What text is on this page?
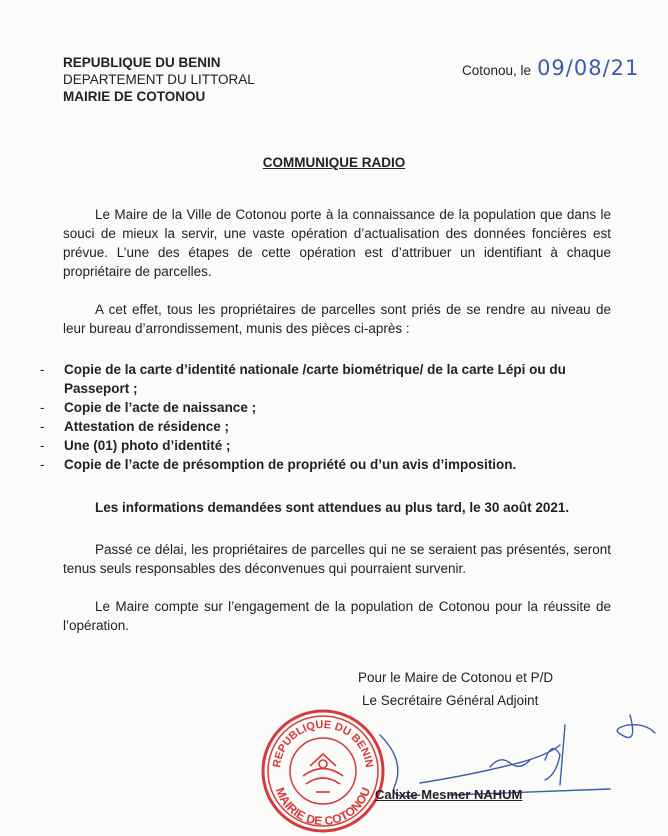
REPUBLIQUE DU BENIN
DEPARTEMENT DU LITTORAL
MAIRIE DE COTONOU
Cotonou, le 09/08/21
COMMUNIQUE RADIO
Le Maire de la Ville de Cotonou porte à la connaissance de la population que dans le souci de mieux la servir, une vaste opération d’actualisation des données foncières est prévue. L’une des étapes de cette opération est d’attribuer un identifiant à chaque propriétaire de parcelles.
A cet effet, tous les propriétaires de parcelles sont priés de se rendre au niveau de leur bureau d’arrondissement, munis des pièces ci-après :
-	Copie de la carte d’identité nationale /carte biométrique/ de la carte Lépi ou du Passeport ;
-	Copie de l’acte de naissance ;
-	Attestation de résidence ;
-	Une (01) photo d’identité ;
-	Copie de l’acte de présomption de propriété ou d’un avis d’imposition.
Les informations demandées sont attendues au plus tard, le 30 août 2021.
Passé ce délai, les propriétaires de parcelles qui ne se seraient pas présentés, seront tenus seuls responsables des déconvenues qui pourraient survenir.
Le Maire compte sur l’engagement de la population de Cotonou pour la réussite de l’opération.
Pour le Maire de Cotonou et P/D
Le Secrétaire Général Adjoint
REPUBLIQUE DU BENIN
MAIRIE DE COTONOU Calixte Mesmer NAHUM
